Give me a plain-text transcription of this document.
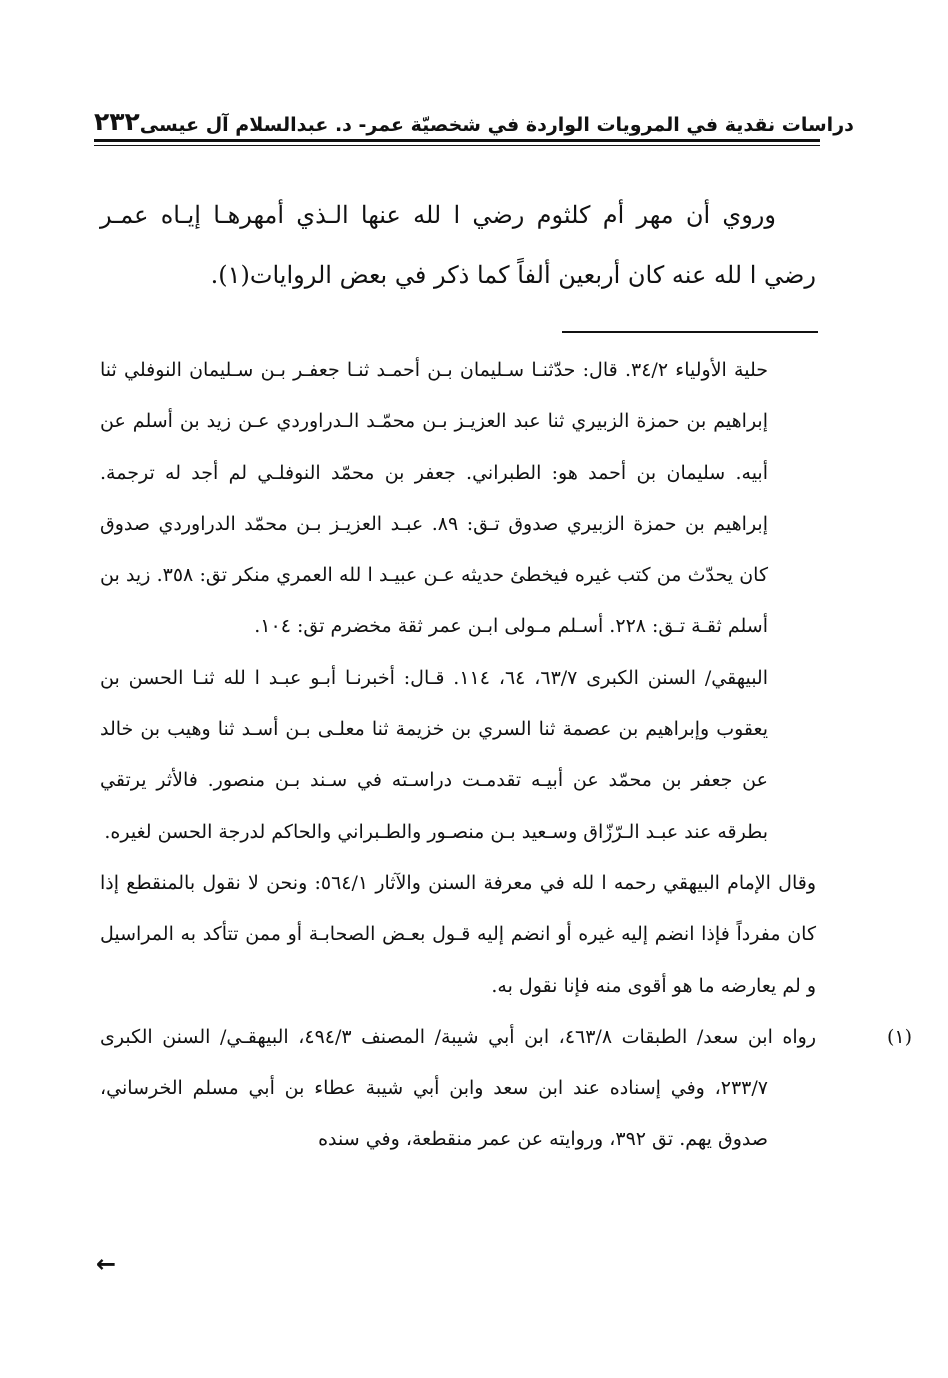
٢٣٢ دراسات نقدية في المرويات الواردة في شخصيّة عمر- د. عبدالسلام آل عيسى

وروي أن مهر أم كلثوم رضي ا لله عنها الـذي أمهرهـا إيـاه عمـر رضي ا لله عنه كان أربعين ألفاً كما ذكر في بعض الروايات(١).

حلية الأولياء ٣٤/٢. قال: حدّثنـا سـليمان بـن أحمـد ثنـا جعفـر بـن سـليمان النوفلي ثنا إبراهيم بن حمزة الزبيري ثنا عبد العزيـز بـن محمّـد الـدراوردي عـن زيد بن أسلم عن أبيه. سليمان بن أحمد هو: الطبراني. جعفر بن محمّد النوفلـي لم أجد له ترجمة. إبراهيم بن حمزة الزبيري صدوق تـق: ٨٩. عبـد العزيـز بـن محمّد الدراوردي صدوق كان يحدّث من كتب غيره فيخطئ حديثه عـن عبيـد ا لله العمري منكر تق: ٣٥٨. زيد بن أسلم ثقـة تـق: ٢٢٨. أسـلم مـولى ابـن عمر ثقة مخضرم تق: ١٠٤.

البيهقي/ السنن الكبرى ٦٣/٧، ٦٤، ١١٤. قـال: أخبرنـا أبـو عبـد ا لله ثنـا الحسن بن يعقوب وإبراهيم بن عصمة ثنا السري بن خزيمة ثنا معلـى بـن أسـد ثنا وهيب بن خالد عن جعفر بن محمّد عن أبيـه تقدمـت دراسـته في سـند بـن منصور. فالأثر يرتقي بطرقه عند عبـد الـرّزّاق وسـعيد بـن منصـور والطـبراني والحاكم لدرجة الحسن لغيره.

وقال الإمام البيهقي رحمه ا لله في معرفة السنن والآثار ٥٦٤/١: ونحن لا نقول بالمنقطع إذا كان مفرداً فإذا انضم إليه غيره أو انضم إليه قـول بعـض الصحابـة أو ممن تتأكد به المراسيل و لم يعارضه ما هو أقوى منه فإنا نقول به.

(١)رواه ابن سعد/ الطبقات ٤٦٣/٨، ابن أبي شيبة/ المصنف ٤٩٤/٣، البيهقـي/ السنن الكبرى ٢٣٣/٧، وفي إسناده عند ابن سعد وابن أبي شيبة عطاء بن أبي مسلم الخرساني، صدوق يهم. تق ٣٩٢، وروايته عن عمر منقطعة، وفي سنده

←
